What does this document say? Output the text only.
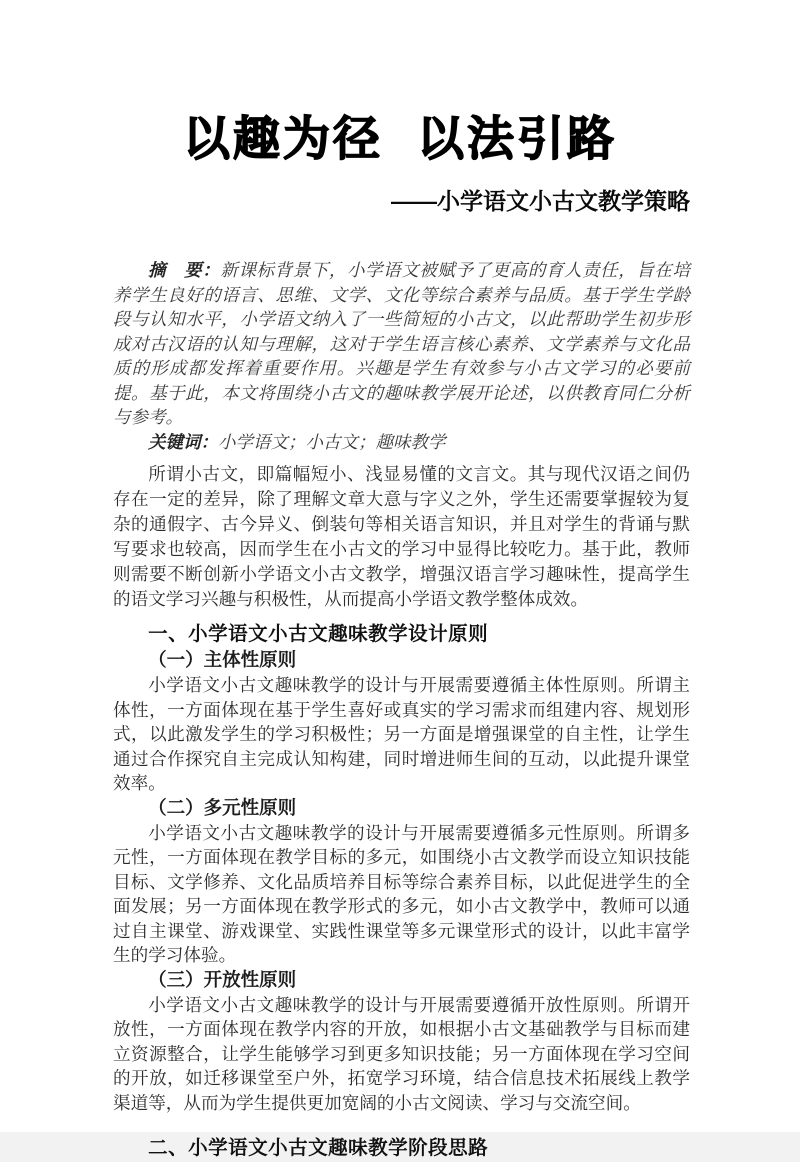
以趣为径 以法引路
——小学语文小古文教学策略

摘　要：新课标背景下，小学语文被赋予了更高的育人责任，旨在培养学生良好的语言、思维、文学、文化等综合素养与品质。基于学生学龄段与认知水平，小学语文纳入了一些简短的小古文，以此帮助学生初步形成对古汉语的认知与理解，这对于学生语言核心素养、文学素养与文化品质的形成都发挥着重要作用。兴趣是学生有效参与小古文学习的必要前提。基于此，本文将围绕小古文的趣味教学展开论述，以供教育同仁分析与参考。

关键词：小学语文；小古文；趣味教学

所谓小古文，即篇幅短小、浅显易懂的文言文。其与现代汉语之间仍存在一定的差异，除了理解文章大意与字义之外，学生还需要掌握较为复杂的通假字、古今异义、倒装句等相关语言知识，并且对学生的背诵与默写要求也较高，因而学生在小古文的学习中显得比较吃力。基于此，教师则需要不断创新小学语文小古文教学，增强汉语言学习趣味性，提高学生的语文学习兴趣与积极性，从而提高小学语文教学整体成效。

一、小学语文小古文趣味教学设计原则
（一）主体性原则

小学语文小古文趣味教学的设计与开展需要遵循主体性原则。所谓主体性，一方面体现在基于学生喜好或真实的学习需求而组建内容、规划形式，以此激发学生的学习积极性；另一方面是增强课堂的自主性，让学生通过合作探究自主完成认知构建，同时增进师生间的互动，以此提升课堂效率。

（二）多元性原则

小学语文小古文趣味教学的设计与开展需要遵循多元性原则。所谓多元性，一方面体现在教学目标的多元，如围绕小古文教学而设立知识技能目标、文学修养、文化品质培养目标等综合素养目标，以此促进学生的全面发展；另一方面体现在教学形式的多元，如小古文教学中，教师可以通过自主课堂、游戏课堂、实践性课堂等多元课堂形式的设计，以此丰富学生的学习体验。

（三）开放性原则

小学语文小古文趣味教学的设计与开展需要遵循开放性原则。所谓开放性，一方面体现在教学内容的开放，如根据小古文基础教学与目标而建立资源整合，让学生能够学习到更多知识技能；另一方面体现在学习空间的开放，如迁移课堂至户外，拓宽学习环境，结合信息技术拓展线上教学渠道等，从而为学生提供更加宽阔的小古文阅读、学习与交流空间。

二、小学语文小古文趣味教学阶段思路
